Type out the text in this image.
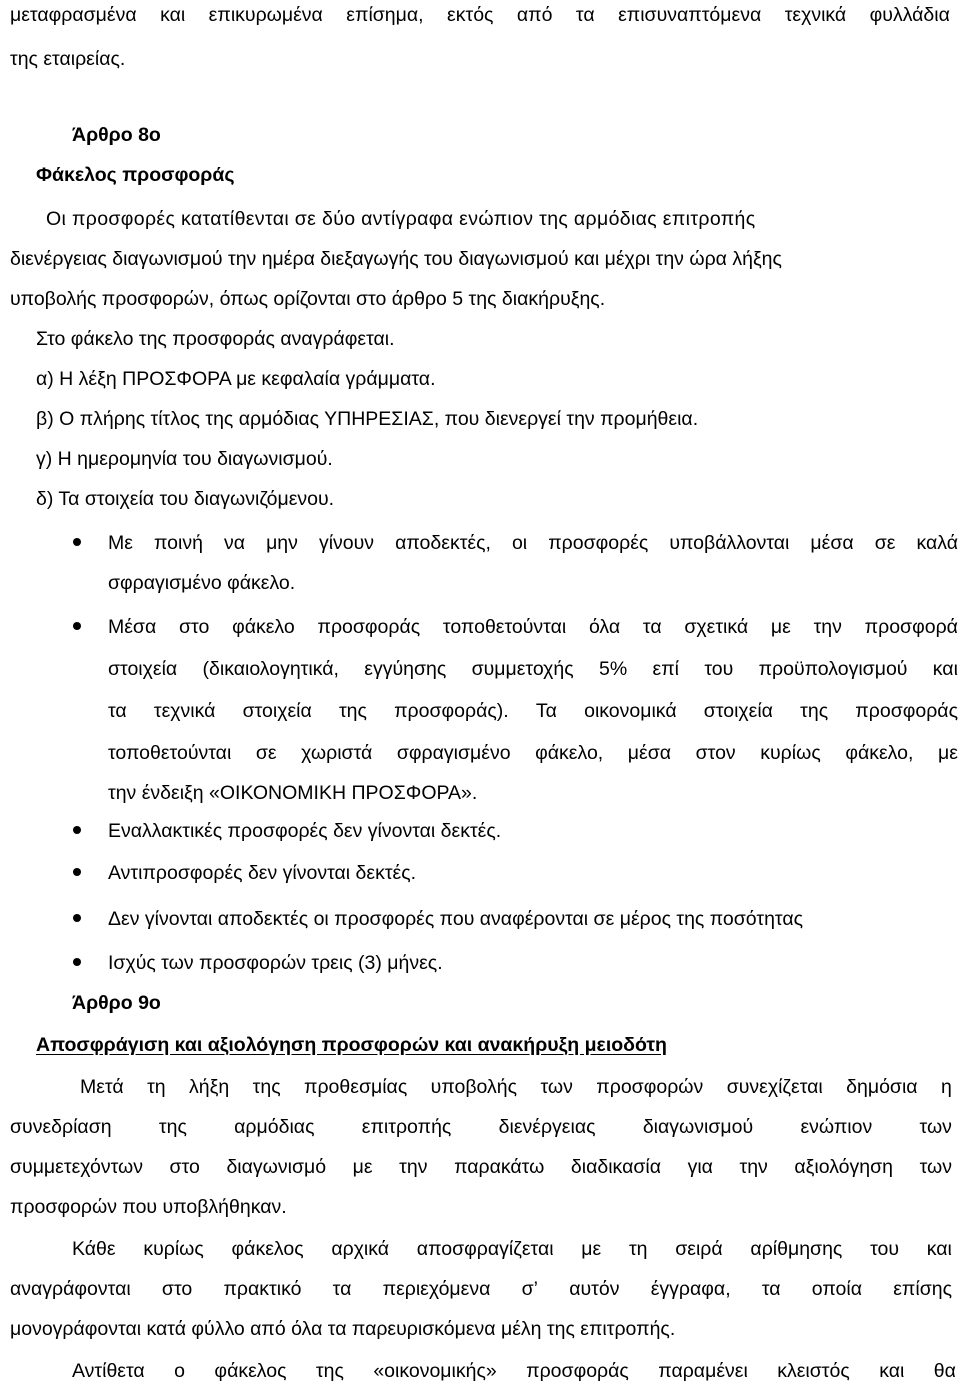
μεταφρασμένα και επικυρωμένα επίσημα, εκτός από τα επισυναπτόμενα τεχνικά φυλλάδια
της εταιρείας.
Άρθρο 8ο
Φάκελος προσφοράς
Οι προσφορές κατατίθενται σε δύο αντίγραφα ενώπιον της αρμόδιας επιτροπής
διενέργειας διαγωνισμού την ημέρα διεξαγωγής του διαγωνισμού και μέχρι την ώρα λήξης
υποβολής προσφορών, όπως ορίζονται στο άρθρο 5 της διακήρυξης.
Στο φάκελο της προσφοράς αναγράφεται.
α) Η λέξη ΠΡΟΣΦΟΡΑ με κεφαλαία γράμματα.
β) Ο πλήρης τίτλος της αρμόδιας ΥΠΗΡΕΣΙΑΣ, που διενεργεί την προμήθεια.
γ) Η ημερομηνία του διαγωνισμού.
δ) Τα στοιχεία του διαγωνιζόμενου.
Με ποινή να μην γίνουν αποδεκτές, οι προσφορές υποβάλλονται μέσα σε καλά
σφραγισμένο φάκελο.
Μέσα στο φάκελο προσφοράς τοποθετούνται όλα τα σχετικά με την προσφορά
στοιχεία (δικαιολογητικά, εγγύησης συμμετοχής 5% επί του προϋπολογισμού και
τα τεχνικά στοιχεία της προσφοράς). Τα οικονομικά στοιχεία της προσφοράς
τοποθετούνται σε χωριστά σφραγισμένο φάκελο, μέσα στον κυρίως φάκελο, με
την ένδειξη «ΟΙΚΟΝΟΜΙΚΗ ΠΡΟΣΦΟΡΑ».
Εναλλακτικές προσφορές δεν γίνονται δεκτές.
Αντιπροσφορές δεν γίνονται δεκτές.
Δεν γίνονται αποδεκτές οι προσφορές που αναφέρονται σε μέρος της ποσότητας
Ισχύς των προσφορών τρεις (3) μήνες.
Άρθρο 9ο
Αποσφράγιση και αξιολόγηση προσφορών και ανακήρυξη μειοδότη
Μετά τη λήξη της προθεσμίας υποβολής των προσφορών συνεχίζεται δημόσια η
συνεδρίαση της αρμόδιας επιτροπής διενέργειας διαγωνισμού ενώπιον των
συμμετεχόντων στο διαγωνισμό με την παρακάτω διαδικασία για την αξιολόγηση των
προσφορών που υποβλήθηκαν.
Κάθε κυρίως φάκελος αρχικά αποσφραγίζεται με τη σειρά αρίθμησης του και
αναγράφονται στο πρακτικό τα περιεχόμενα σ’ αυτόν έγγραφα, τα οποία επίσης
μονογράφονται κατά φύλλο από όλα τα παρευρισκόμενα μέλη της επιτροπής.
Αντίθετα ο φάκελος της «οικονομικής» προσφοράς παραμένει κλειστός και θα
